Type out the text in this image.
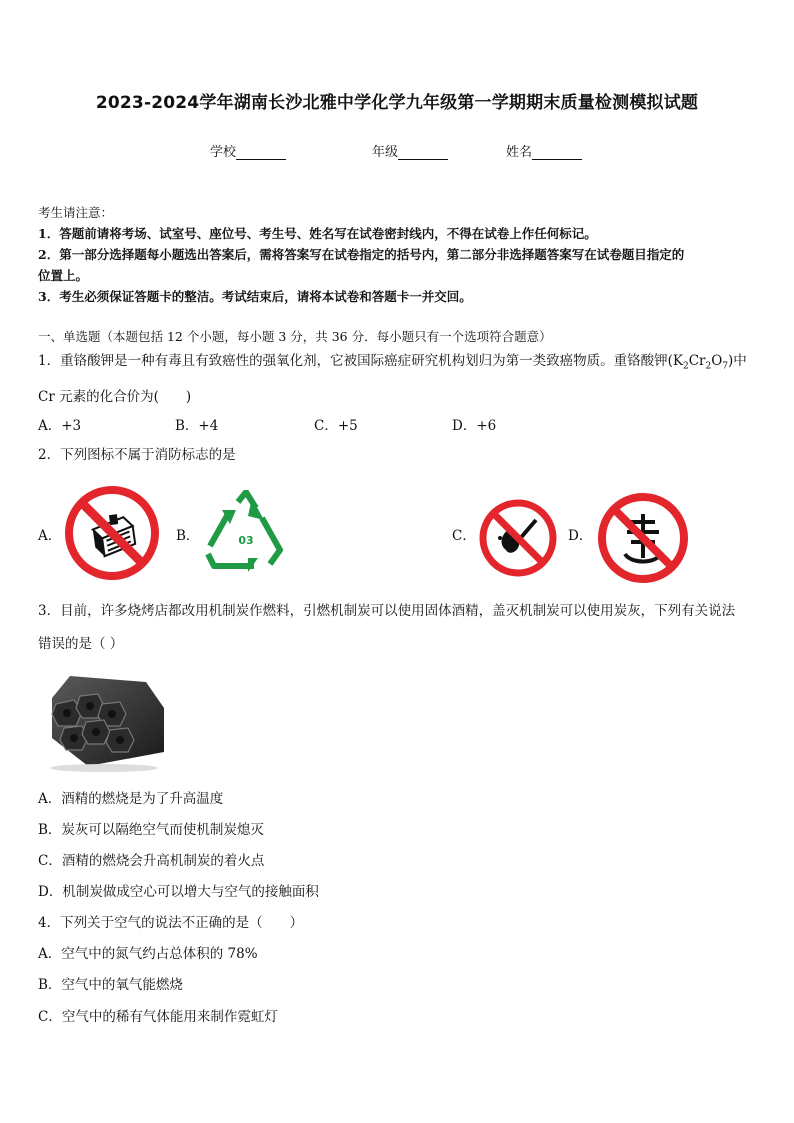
2023-2024学年湖南长沙北雅中学化学九年级第一学期期末质量检测模拟试题
学校	年级	姓名
考生请注意：
1．答题前请将考场、试室号、座位号、考生号、姓名写在试卷密封线内，不得在试卷上作任何标记。
2．第一部分选择题每小题选出答案后，需将答案写在试卷指定的括号内，第二部分非选择题答案写在试卷题目指定的
位置上。
3．考生必须保证答题卡的整洁。考试结束后，请将本试卷和答题卡一并交回。
一、单选题（本题包括 12 个小题，每小题 3 分，共 36 分．每小题只有一个选项符合题意）
1．重铬酸钾是一种有毒且有致癌性的强氧化剂，它被国际癌症研究机构划归为第一类致癌物质。重铬酸钾$(K_2Cr_2O_7)$中
Cr 元素的化合价为(　　)
A．+3	B．+4	C．+5	D．+6
2．下列图标不属于消防标志的是
A．	B．	03	C．	D．
3．目前，许多烧烤店都改用机制炭作燃料，引燃机制炭可以使用固体酒精，盖灭机制炭可以使用炭灰，下列有关说法
错误的是（ ）
A．酒精的燃烧是为了升高温度
B．炭灰可以隔绝空气而使机制炭熄灭
C．酒精的燃烧会升高机制炭的着火点
D．机制炭做成空心可以增大与空气的接触面积
4．下列关于空气的说法不正确的是（　　）
A．空气中的氮气约占总体积的 78%
B．空气中的氧气能燃烧
C．空气中的稀有气体能用来制作霓虹灯
